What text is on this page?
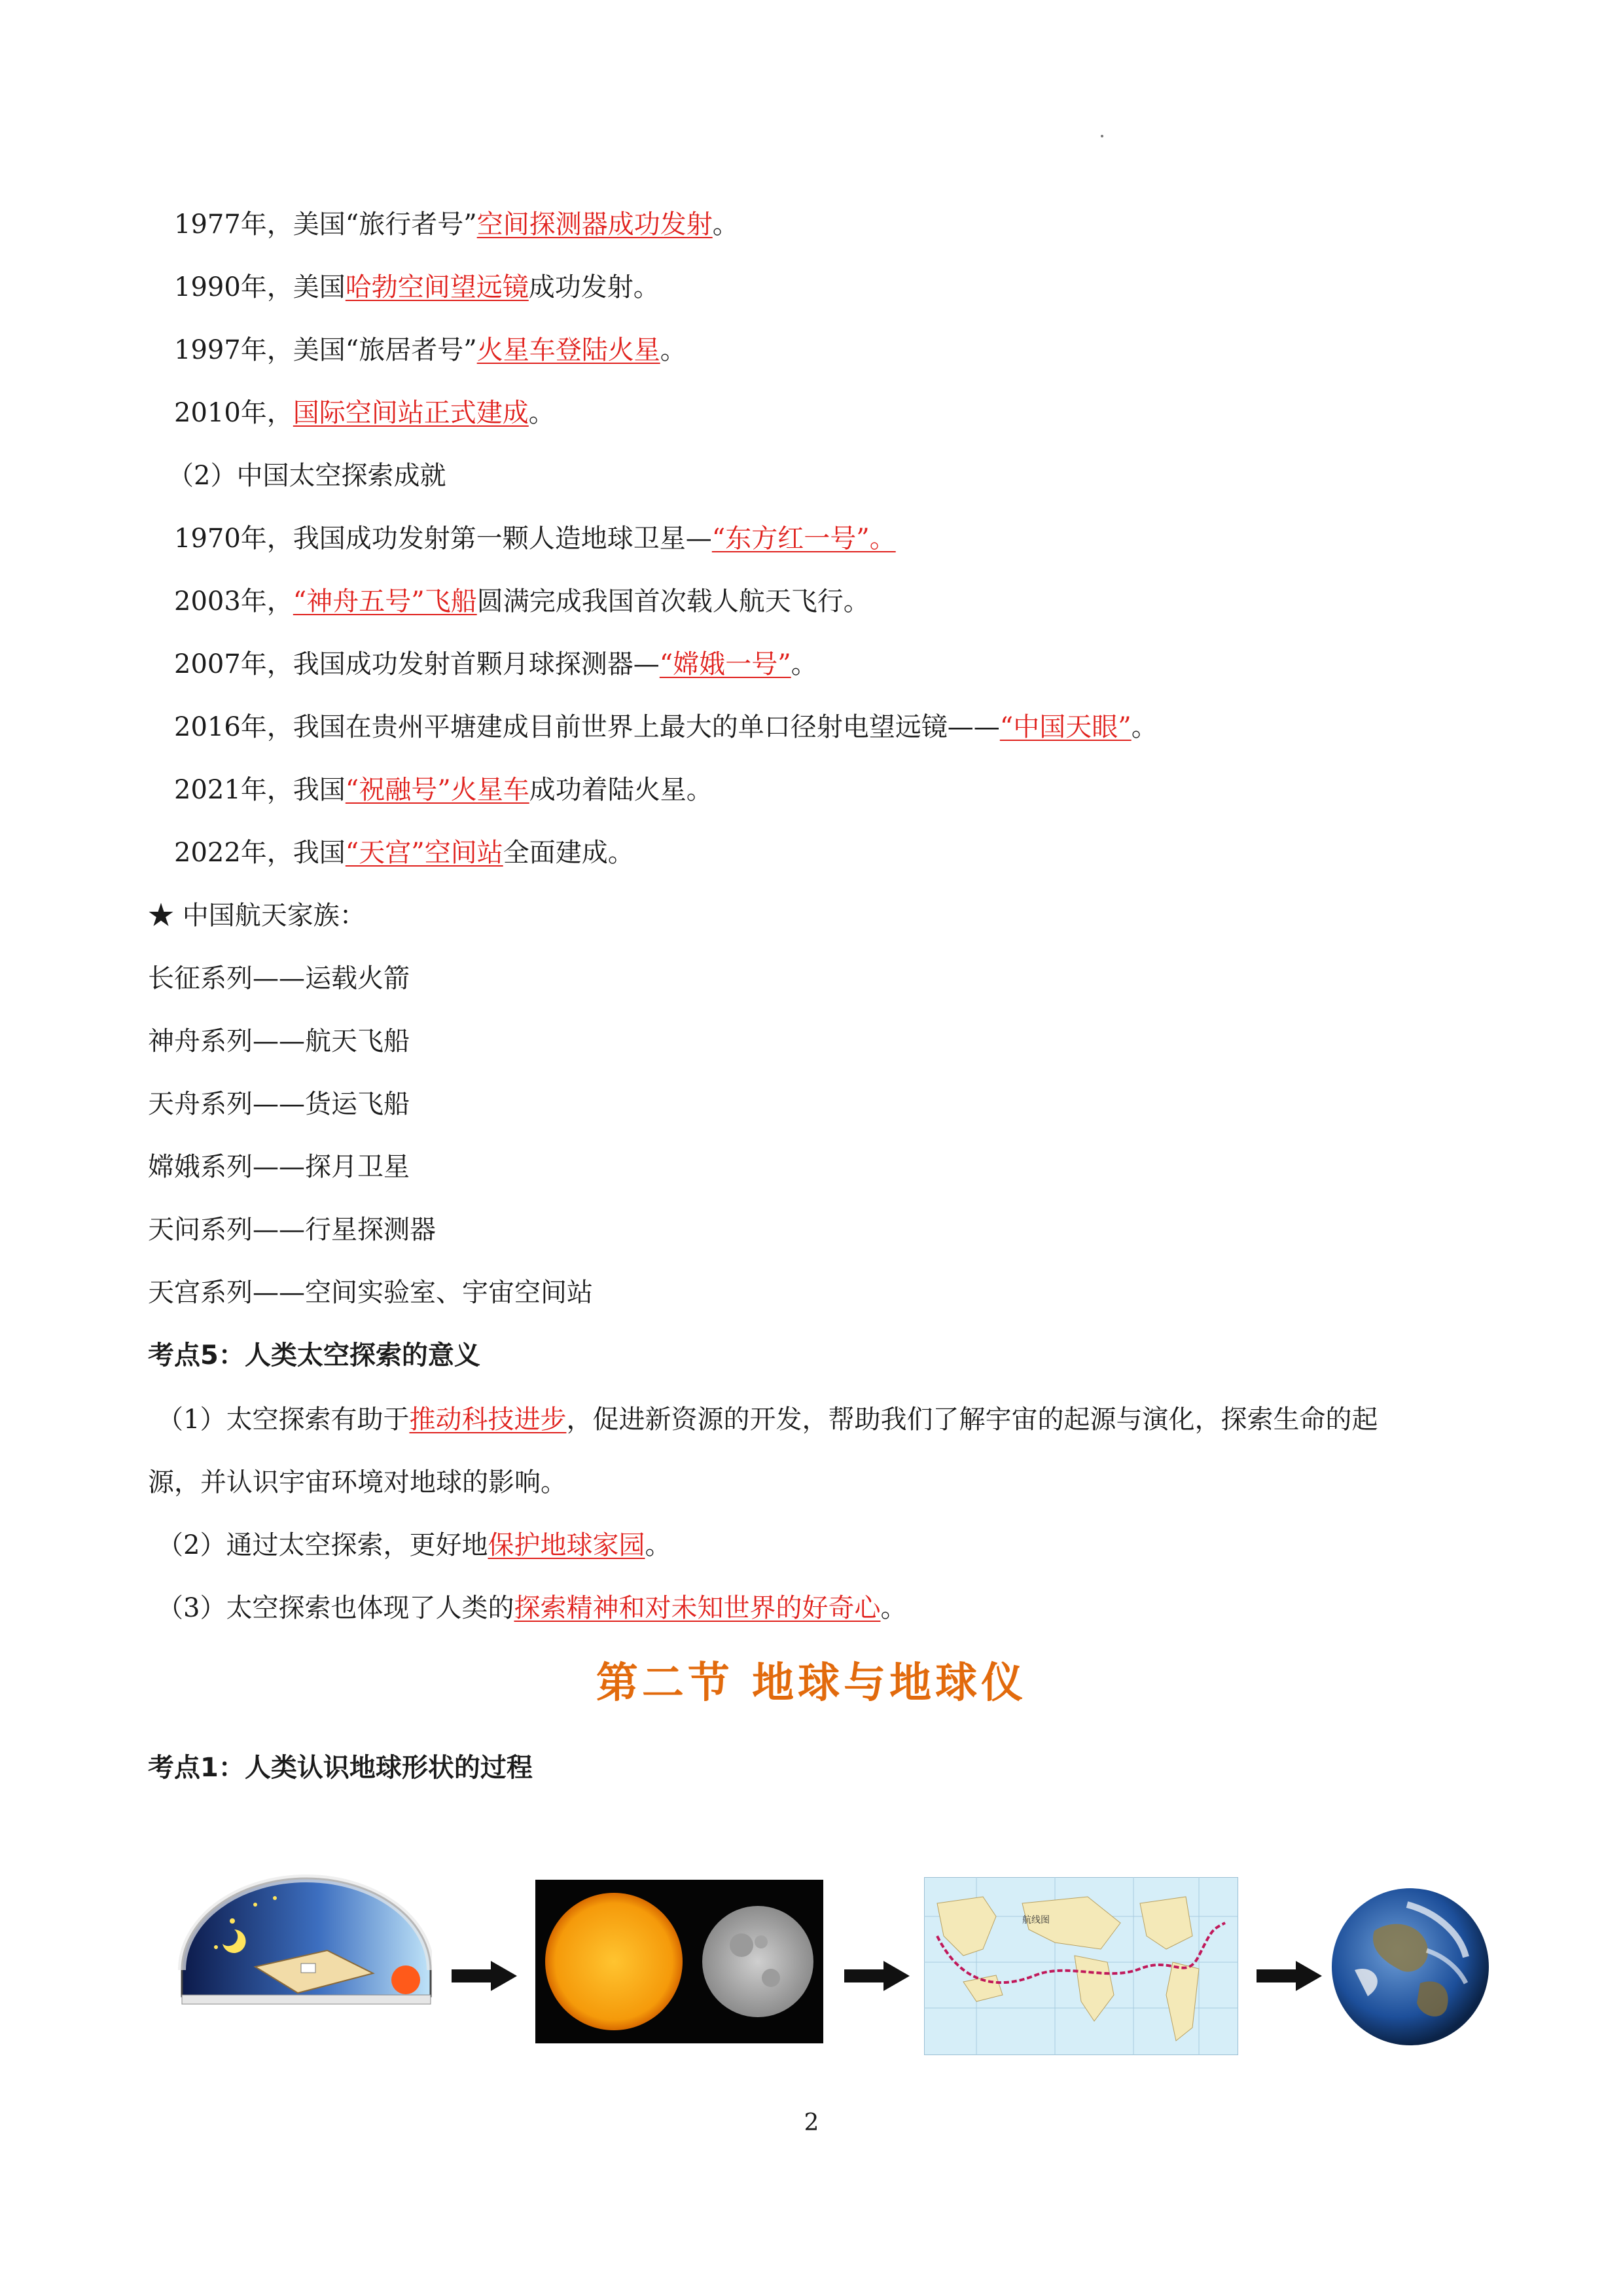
1977年，美国“旅行者号”空间探测器成功发射。
1990年，美国哈勃空间望远镜成功发射。
1997年，美国“旅居者号”火星车登陆火星。
2010年，国际空间站正式建成。
（2）中国太空探索成就
1970年，我国成功发射第一颗人造地球卫星—“东方红一号”。
2003年，“神舟五号”飞船圆满完成我国首次载人航天飞行。
2007年，我国成功发射首颗月球探测器—“嫦娥一号”。
2016年，我国在贵州平塘建成目前世界上最大的单口径射电望远镜——“中国天眼”。
2021年，我国“祝融号”火星车成功着陆火星。
2022年，我国“天宫”空间站全面建成。
★ 中国航天家族：
长征系列——运载火箭
神舟系列——航天飞船
天舟系列——货运飞船
嫦娥系列——探月卫星
天问系列——行星探测器
天宫系列——空间实验室、宇宙空间站
考点5：人类太空探索的意义
（1）太空探索有助于推动科技进步，促进新资源的开发，帮助我们了解宇宙的起源与演化，探索生命的起
源，并认识宇宙环境对地球的影响。
（2）通过太空探索，更好地保护地球家园。
（3）太空探索也体现了人类的探索精神和对未知世界的好奇心。
第二节 地球与地球仪
考点1：人类认识地球形状的过程
航线图
2
